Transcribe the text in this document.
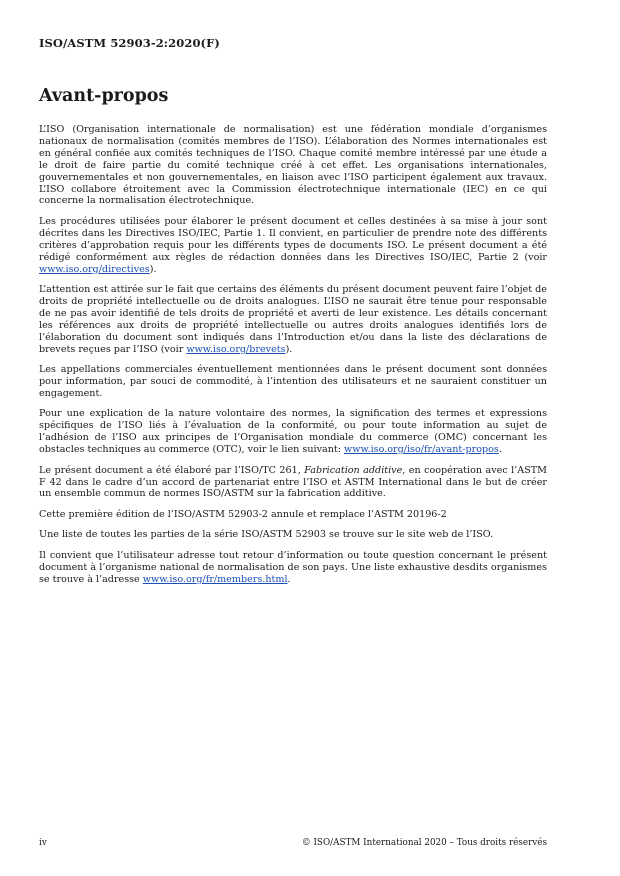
ISO/ASTM 52903-2:2020(F)
Avant-propos

L’ISO (Organisation internationale de normalisation) est une fédération mondiale d’organismes nationaux de normalisation (comités membres de l’ISO). L’élaboration des Normes internationales est en général confiée aux comités techniques de l’ISO. Chaque comité membre intéressé par une étude a le droit de faire partie du comité technique créé à cet effet. Les organisations internationales, gouvernementales et non gouvernementales, en liaison avec l’ISO participent également aux travaux. L’ISO collabore étroitement avec la Commission électrotechnique internationale (IEC) en ce qui concerne la normalisation électrotechnique.

Les procédures utilisées pour élaborer le présent document et celles destinées à sa mise à jour sont décrites dans les Directives ISO/IEC, Partie 1. Il convient, en particulier de prendre note des différents critères d’approbation requis pour les différents types de documents ISO. Le présent document a été rédigé conformément aux règles de rédaction données dans les Directives ISO/IEC, Partie 2 (voir www.iso.org/directives).

L’attention est attirée sur le fait que certains des éléments du présent document peuvent faire l’objet de droits de propriété intellectuelle ou de droits analogues. L’ISO ne saurait être tenue pour responsable de ne pas avoir identifié de tels droits de propriété et averti de leur existence. Les détails concernant les références aux droits de propriété intellectuelle ou autres droits analogues identifiés lors de l’élaboration du document sont indiqués dans l’Introduction et/ou dans la liste des déclarations de brevets reçues par l’ISO (voir www.iso.org/brevets).

Les appellations commerciales éventuellement mentionnées dans le présent document sont données pour information, par souci de commodité, à l’intention des utilisateurs et ne sauraient constituer un engagement.

Pour une explication de la nature volontaire des normes, la signification des termes et expressions spécifiques de l’ISO liés à l’évaluation de la conformité, ou pour toute information au sujet de l’adhésion de l’ISO aux principes de l’Organisation mondiale du commerce (OMC) concernant les obstacles techniques au commerce (OTC), voir le lien suivant: www.iso.org/iso/fr/avant-propos.

Le présent document a été élaboré par l’ISO/TC 261, Fabrication additive, en coopération avec l’ASTM F 42 dans le cadre d’un accord de partenariat entre l’ISO et ASTM International dans le but de créer un ensemble commun de normes ISO/ASTM sur la fabrication additive.

Cette première édition de l’ISO/ASTM 52903-2 annule et remplace l’ASTM 20196-2

Une liste de toutes les parties de la série ISO/ASTM 52903 se trouve sur le site web de l’ISO.

Il convient que l’utilisateur adresse tout retour d’information ou toute question concernant le présent document à l’organisme national de normalisation de son pays. Une liste exhaustive desdits organismes se trouve à l’adresse www.iso.org/fr/members.html.

iv	© ISO/ASTM International 2020 – Tous droits réservés
